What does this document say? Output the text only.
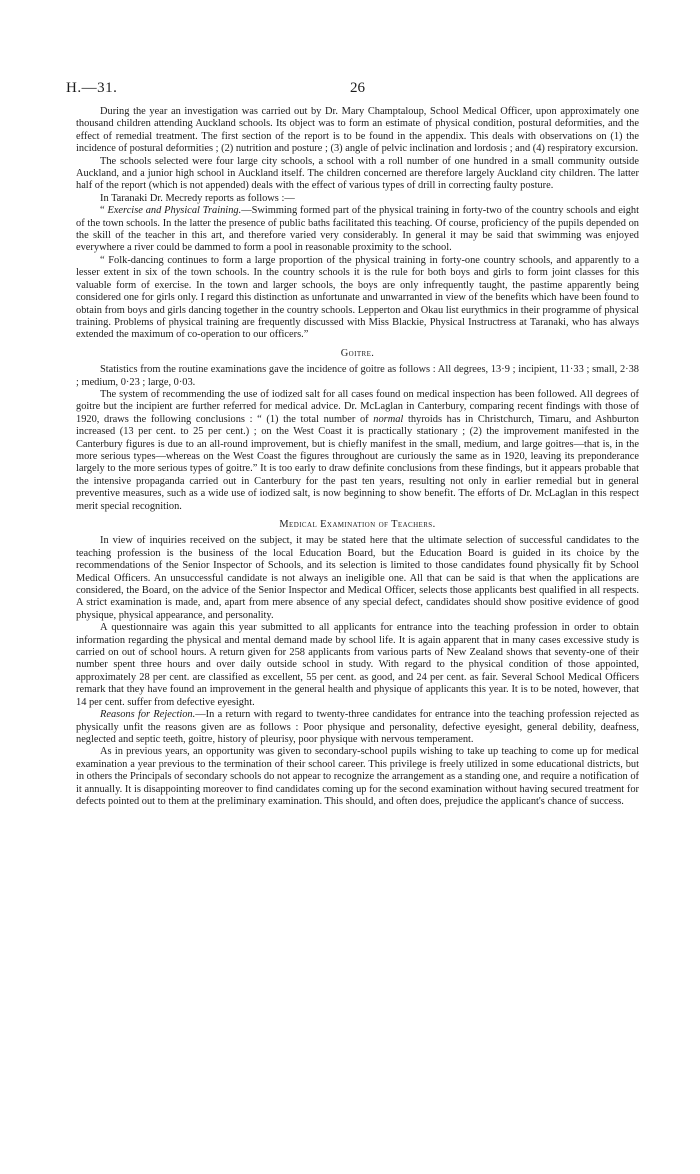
H.—31.	26

During the year an investigation was carried out by Dr. Mary Champtaloup, School Medical Officer, upon approximately one thousand children attending Auckland schools. Its object was to form an estimate of physical condition, postural deformities, and the effect of remedial treatment. The first section of the report is to be found in the appendix. This deals with observations on (1) the incidence of postural deformities ; (2) nutrition and posture ; (3) angle of pelvic inclination and lordosis ; and (4) respiratory excursion.

The schools selected were four large city schools, a school with a roll number of one hundred in a small community outside Auckland, and a junior high school in Auckland itself. The children concerned are therefore largely Auckland city children. The latter half of the report (which is not appended) deals with the effect of various types of drill in correcting faulty posture.

In Taranaki Dr. Mecredy reports as follows :—

“ Exercise and Physical Training.—Swimming formed part of the physical training in forty-two of the country schools and eight of the town schools. In the latter the presence of public baths facilitated this teaching. Of course, proficiency of the pupils depended on the skill of the teacher in this art, and therefore varied very considerably. In general it may be said that swimming was enjoyed everywhere a river could be dammed to form a pool in reasonable proximity to the school.

“ Folk-dancing continues to form a large proportion of the physical training in forty-one country schools, and apparently to a lesser extent in six of the town schools. In the country schools it is the rule for both boys and girls to form joint classes for this valuable form of exercise. In the town and larger schools, the boys are only infrequently taught, the pastime apparently being considered one for girls only. I regard this distinction as unfortunate and unwarranted in view of the benefits which have been found to obtain from boys and girls dancing together in the country schools. Lepperton and Okau list eurythmics in their programme of physical training. Problems of physical training are frequently discussed with Miss Blackie, Physical Instructress at Taranaki, who has always extended the maximum of co-operation to our officers.”

Goitre.

Statistics from the routine examinations gave the incidence of goitre as follows : All degrees, 13·9 ; incipient, 11·33 ; small, 2·38 ; medium, 0·23 ; large, 0·03.

The system of recommending the use of iodized salt for all cases found on medical inspection has been followed. All degrees of goitre but the incipient are further referred for medical advice. Dr. McLaglan in Canterbury, comparing recent findings with those of 1920, draws the following conclusions : “ (1) the total number of normal thyroids has in Christchurch, Timaru, and Ashburton increased (13 per cent. to 25 per cent.) ; on the West Coast it is practically stationary ; (2) the improvement manifested in the Canterbury figures is due to an all-round improvement, but is chiefly manifest in the small, medium, and large goitres—that is, in the more serious types—whereas on the West Coast the figures throughout are curiously the same as in 1920, leaving its preponderance largely to the more serious types of goitre.” It is too early to draw definite conclusions from these findings, but it appears probable that the intensive propaganda carried out in Canterbury for the past ten years, resulting not only in earlier remedial but in general preventive measures, such as a wide use of iodized salt, is now beginning to show benefit. The efforts of Dr. McLaglan in this respect merit special recognition.

Medical Examination of Teachers.

In view of inquiries received on the subject, it may be stated here that the ultimate selection of successful candidates to the teaching profession is the business of the local Education Board, but the Education Board is guided in its choice by the recommendations of the Senior Inspector of Schools, and its selection is limited to those candidates found physically fit by School Medical Officers. An unsuccessful candidate is not always an ineligible one. All that can be said is that when the applications are considered, the Board, on the advice of the Senior Inspector and Medical Officer, selects those applicants best qualified in all respects. A strict examination is made, and, apart from mere absence of any special defect, candidates should show positive evidence of good physique, physical appearance, and personality.

A questionnaire was again this year submitted to all applicants for entrance into the teaching profession in order to obtain information regarding the physical and mental demand made by school life. It is again apparent that in many cases excessive study is carried on out of school hours. A return given for 258 applicants from various parts of New Zealand shows that seventy-one of their number spent three hours and over daily outside school in study. With regard to the physical condition of those appointed, approximately 28 per cent. are classified as excellent, 55 per cent. as good, and 24 per cent. as fair. Several School Medical Officers remark that they have found an improvement in the general health and physique of applicants this year. It is to be noted, however, that 14 per cent. suffer from defective eyesight.

Reasons for Rejection.—In a return with regard to twenty-three candidates for entrance into the teaching profession rejected as physically unfit the reasons given are as follows : Poor physique and personality, defective eyesight, general debility, deafness, neglected and septic teeth, goitre, history of pleurisy, poor physique with nervous temperament.

As in previous years, an opportunity was given to secondary-school pupils wishing to take up teaching to come up for medical examination a year previous to the termination of their school career. This privilege is freely utilized in some educational districts, but in others the Principals of secondary schools do not appear to recognize the arrangement as a standing one, and require a notification of it annually. It is disappointing moreover to find candidates coming up for the second examination without having secured treatment for defects pointed out to them at the preliminary examination. This should, and often does, prejudice the applicant's chance of success.
